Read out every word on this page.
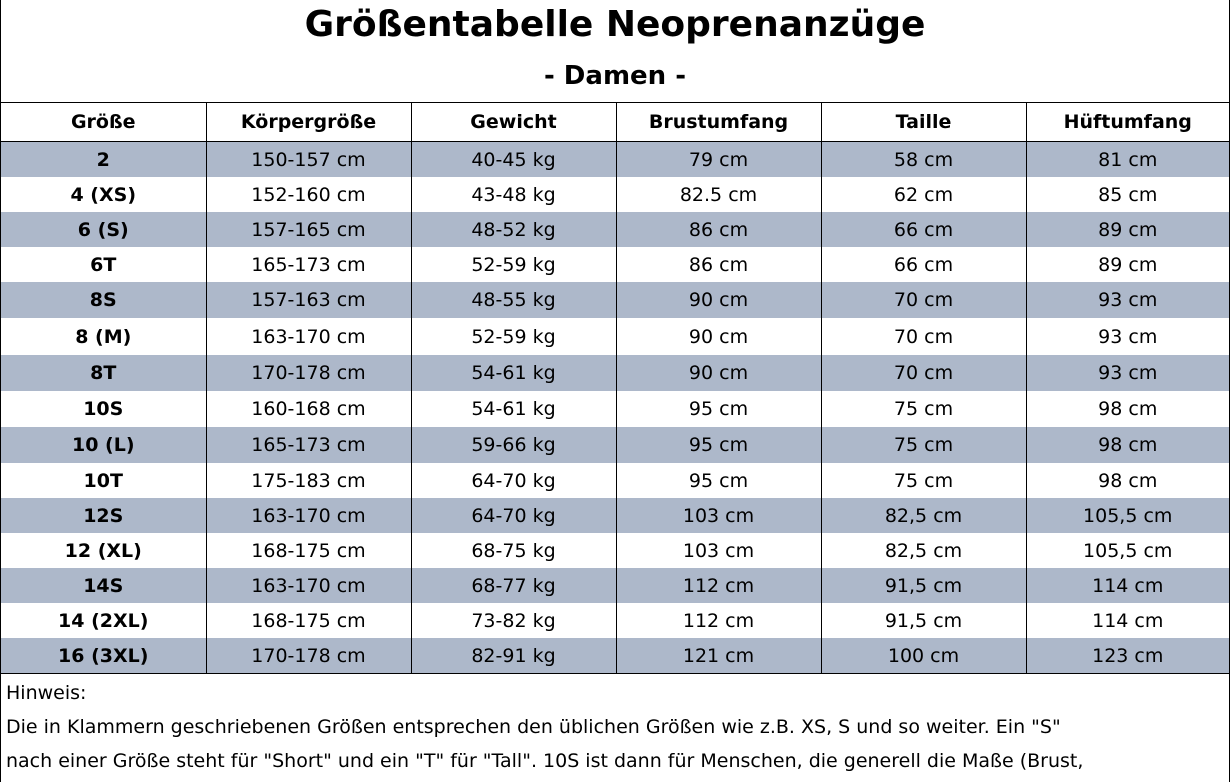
Größentabelle Neoprenanzüge
- Damen -
Größe	Körpergröße	Gewicht	Brustumfang	Taille	Hüftumfang
2	150-157 cm	40-45 kg	79 cm	58 cm	81 cm
4 (XS)	152-160 cm	43-48 kg	82.5 cm	62 cm	85 cm
6 (S)	157-165 cm	48-52 kg	86 cm	66 cm	89 cm
6T	165-173 cm	52-59 kg	86 cm	66 cm	89 cm
8S	157-163 cm	48-55 kg	90 cm	70 cm	93 cm
8 (M)	163-170 cm	52-59 kg	90 cm	70 cm	93 cm
8T	170-178 cm	54-61 kg	90 cm	70 cm	93 cm
10S	160-168 cm	54-61 kg	95 cm	75 cm	98 cm
10 (L)	165-173 cm	59-66 kg	95 cm	75 cm	98 cm
10T	175-183 cm	64-70 kg	95 cm	75 cm	98 cm
12S	163-170 cm	64-70 kg	103 cm	82,5 cm	105,5 cm
12 (XL)	168-175 cm	68-75 kg	103 cm	82,5 cm	105,5 cm
14S	163-170 cm	68-77 kg	112 cm	91,5 cm	114 cm
14 (2XL)	168-175 cm	73-82 kg	112 cm	91,5 cm	114 cm
16 (3XL)	170-178 cm	82-91 kg	121 cm	100 cm	123 cm
Hinweis:
Die in Klammern geschriebenen Größen entsprechen den üblichen Größen wie z.B. XS, S und so weiter. Ein "S"
nach einer Größe steht für "Short" und ein "T" für "Tall". 10S ist dann für Menschen, die generell die Maße (Brust,
